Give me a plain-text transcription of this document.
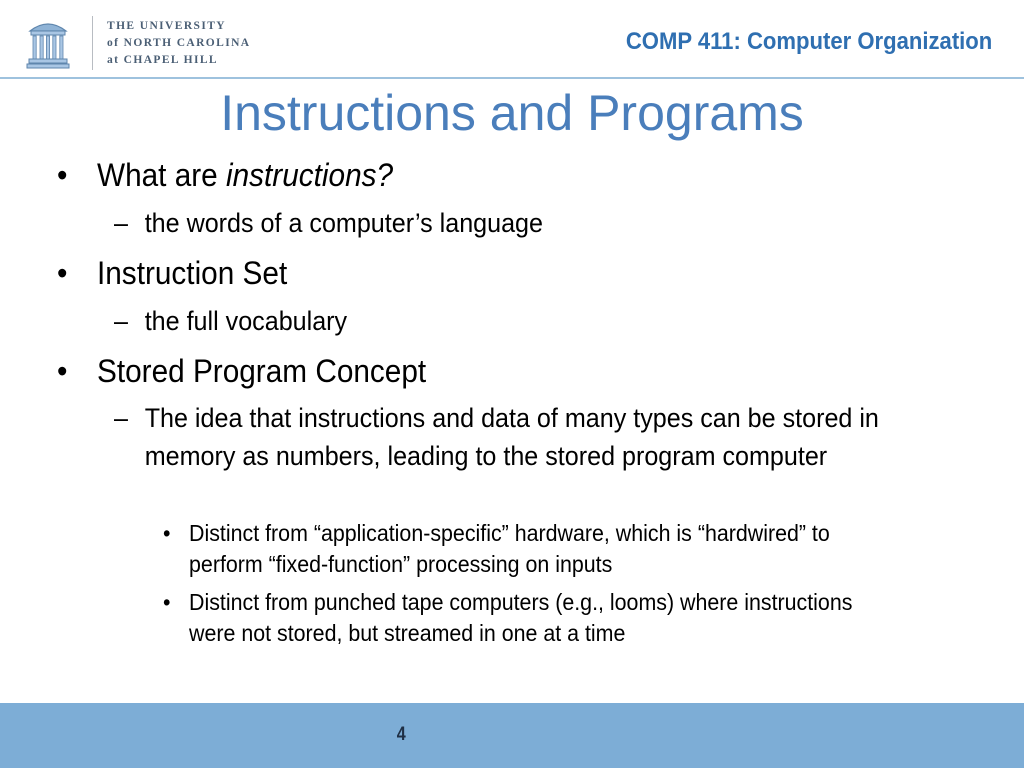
THE UNIVERSITY
of NORTH CAROLINA
at CHAPEL HILL
COMP 411: Computer Organization
Instructions and Programs
• What are instructions?
– the words of a computer’s language
• Instruction Set
– the full vocabulary
• Stored Program Concept
– The idea that instructions and data of many types can be stored in memory as numbers, leading to the stored program computer
• Distinct from “application-specific” hardware, which is “hardwired” to perform “fixed-function” processing on inputs
• Distinct from punched tape computers (e.g., looms) where instructions were not stored, but streamed in one at a time
4
